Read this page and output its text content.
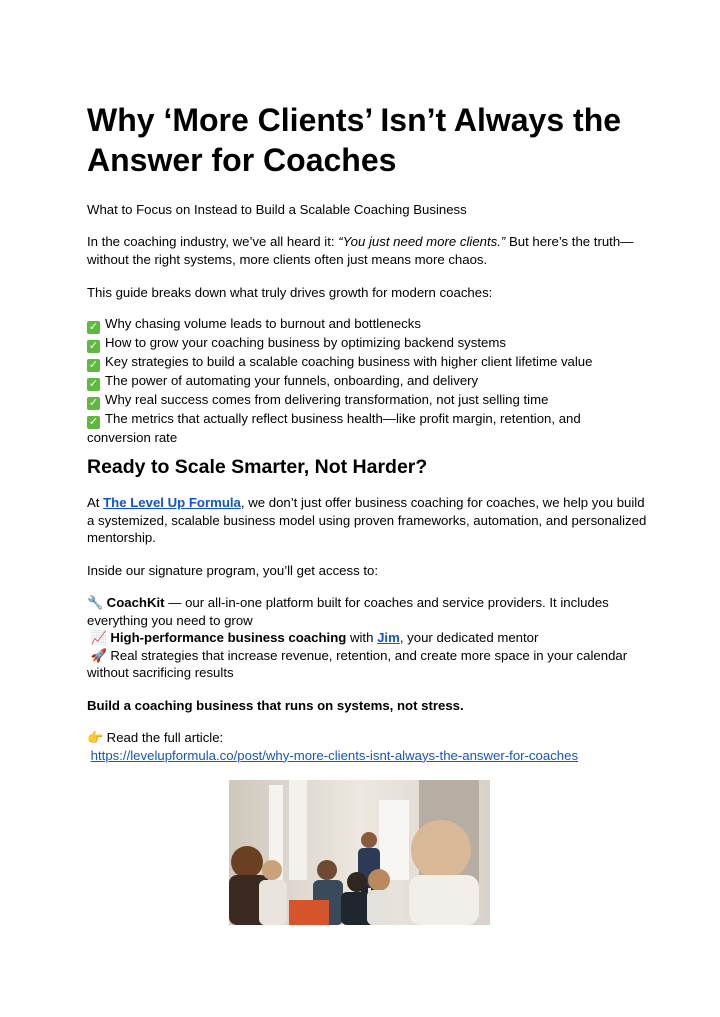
Why ‘More Clients’ Isn’t Always the Answer for Coaches

What to Focus on Instead to Build a Scalable Coaching Business

In the coaching industry, we’ve all heard it: “You just need more clients.” But here’s the truth—without the right systems, more clients often just means more chaos.

This guide breaks down what truly drives growth for modern coaches:

✓ Why chasing volume leads to burnout and bottlenecks
✓ How to grow your coaching business by optimizing backend systems
✓ Key strategies to build a scalable coaching business with higher client lifetime value
✓ The power of automating your funnels, onboarding, and delivery
✓ Why real success comes from delivering transformation, not just selling time
✓ The metrics that actually reflect business health—like profit margin, retention, and conversion rate
Ready to Scale Smarter, Not Harder?

At The Level Up Formula, we don’t just offer business coaching for coaches, we help you build a systemized, scalable business model using proven frameworks, automation, and personalized mentorship.

Inside our signature program, you’ll get access to:

🔧 CoachKit — our all-in-one platform built for coaches and service providers. It includes everything you need to grow
📈 High-performance business coaching with Jim, your dedicated mentor
🚀 Real strategies that increase revenue, retention, and create more space in your calendar without sacrificing results

Build a coaching business that runs on systems, not stress.

👉 Read the full article:
https://levelupformula.co/post/why-more-clients-isnt-always-the-answer-for-coaches
